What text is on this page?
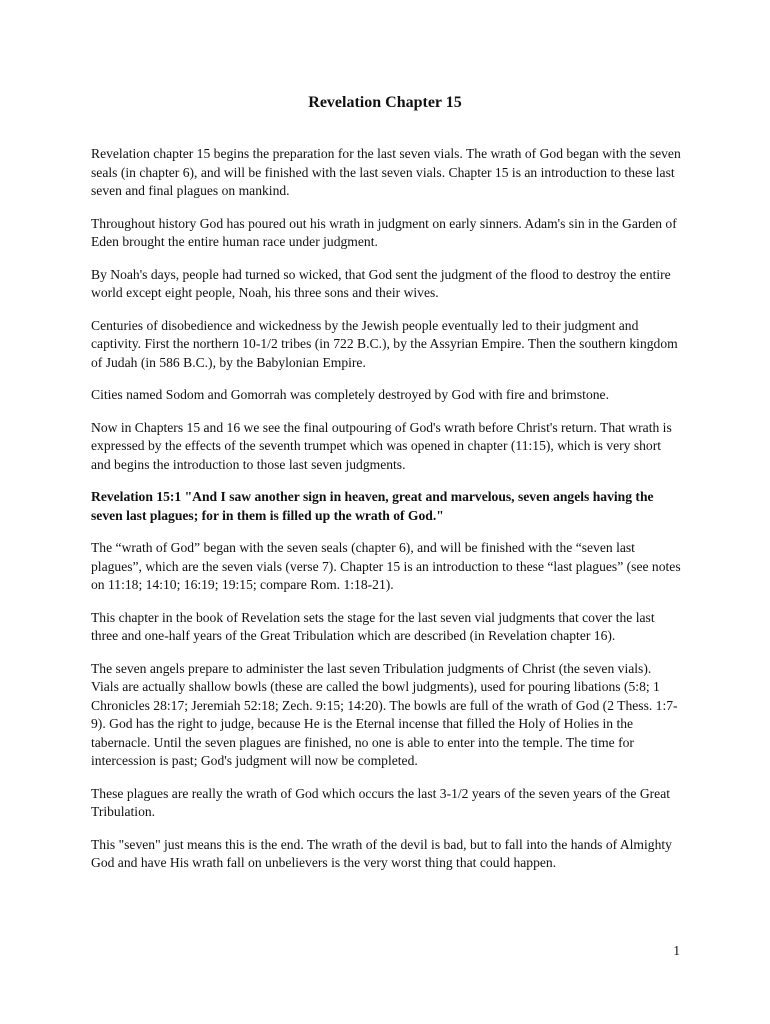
Revelation Chapter 15

Revelation chapter 15 begins the preparation for the last seven vials. The wrath of God began with the seven seals (in chapter 6), and will be finished with the last seven vials. Chapter 15 is an introduction to these last seven and final plagues on mankind.

Throughout history God has poured out his wrath in judgment on early sinners. Adam's sin in the Garden of Eden brought the entire human race under judgment.

By Noah's days, people had turned so wicked, that God sent the judgment of the flood to destroy the entire world except eight people, Noah, his three sons and their wives.

Centuries of disobedience and wickedness by the Jewish people eventually led to their judgment and captivity. First the northern 10-1/2 tribes (in 722 B.C.), by the Assyrian Empire. Then the southern kingdom of Judah (in 586 B.C.), by the Babylonian Empire.

Cities named Sodom and Gomorrah was completely destroyed by God with fire and brimstone.

Now in Chapters 15 and 16 we see the final outpouring of God's wrath before Christ's return. That wrath is expressed by the effects of the seventh trumpet which was opened in chapter (11:15), which is very short and begins the introduction to those last seven judgments.

Revelation 15:1 "And I saw another sign in heaven, great and marvelous, seven angels having the seven last plagues; for in them is filled up the wrath of God."

The “wrath of God” began with the seven seals (chapter 6), and will be finished with the “seven last plagues”, which are the seven vials (verse 7). Chapter 15 is an introduction to these “last plagues” (see notes on 11:18; 14:10; 16:19; 19:15; compare Rom. 1:18-21).

This chapter in the book of Revelation sets the stage for the last seven vial judgments that cover the last three and one-half years of the Great Tribulation which are described (in Revelation chapter 16).

The seven angels prepare to administer the last seven Tribulation judgments of Christ (the seven vials). Vials are actually shallow bowls (these are called the bowl judgments), used for pouring libations (5:8; 1 Chronicles 28:17; Jeremiah 52:18; Zech. 9:15; 14:20). The bowls are full of the wrath of God (2 Thess. 1:7-9). God has the right to judge, because He is the Eternal incense that filled the Holy of Holies in the tabernacle. Until the seven plagues are finished, no one is able to enter into the temple. The time for intercession is past; God's judgment will now be completed.

These plagues are really the wrath of God which occurs the last 3-1/2 years of the seven years of the Great Tribulation.

This "seven" just means this is the end. The wrath of the devil is bad, but to fall into the hands of Almighty God and have His wrath fall on unbelievers is the very worst thing that could happen.

1
